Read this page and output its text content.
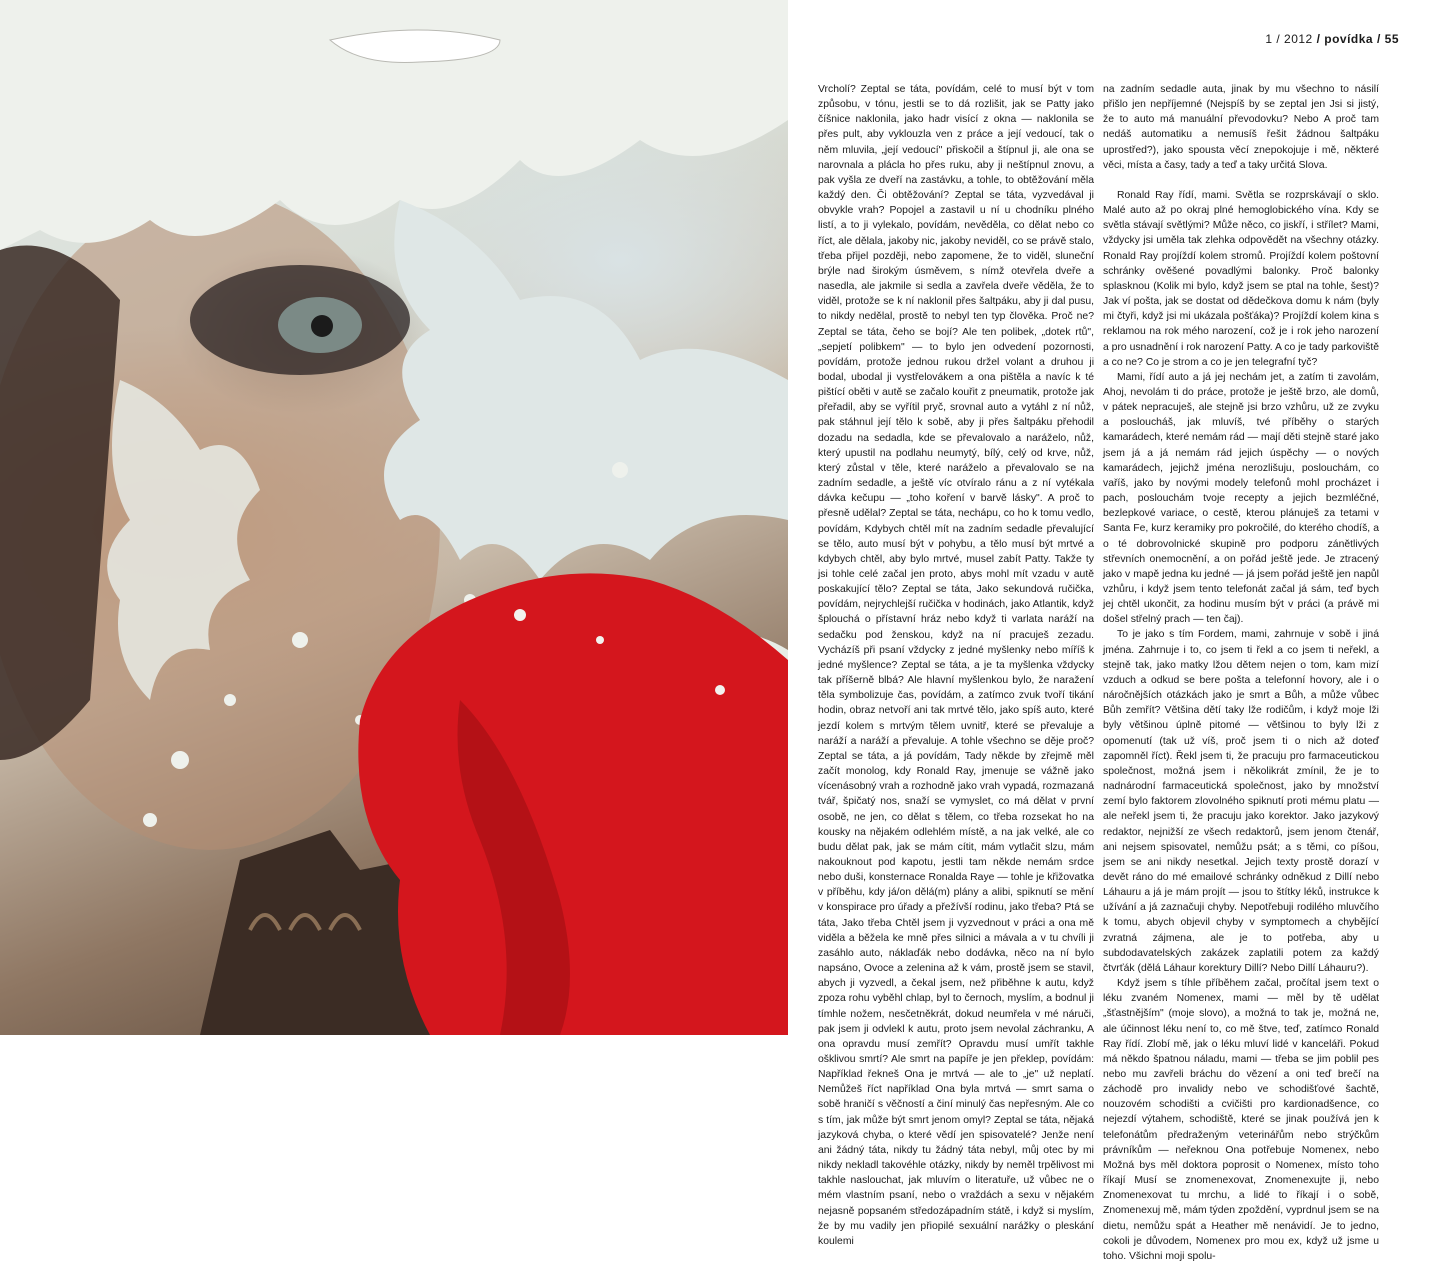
1 / 2012 / povídka / 55

Vrcholí? Zeptal se táta, povídám, celé to musí být v tom způsobu, v tónu, jestli se to dá rozlišit, jak se Patty jako číšnice naklonila, jako hadr visící z okna — naklonila se přes pult, aby vyklouzla ven z práce a její vedoucí, tak o něm mluvila, „její vedoucí" přiskočil a štípnul ji, ale ona se narovnala a plácla ho přes ruku, aby ji neštípnul znovu, a pak vyšla ze dveří na zastávku, a tohle, to obtěžování měla každý den. Či obtěžování? Zeptal se táta, vyzvedával ji obvykle vrah? Popojel a zastavil u ní u chodníku plného listí, a to ji vylekalo, povídám, nevěděla, co dělat nebo co říct, ale dělala, jakoby nic, jakoby neviděl, co se právě stalo, třeba přijel později, nebo zapomene, že to viděl, sluneční brýle nad širokým úsměvem, s nímž otevřela dveře a nasedla, ale jakmile si sedla a zavřela dveře věděla, že to viděl, protože se k ní naklonil přes šaltpáku, aby ji dal pusu, to nikdy nedělal, prostě to nebyl ten typ člověka. Proč ne? Zeptal se táta, čeho se bojí? Ale ten polibek, „dotek rtů", „sepjetí polibkem" — to bylo jen odvedení pozornosti, povídám, protože jednou rukou držel volant a druhou ji bodal, ubodal ji vystřelovákem a ona pištěla a navíc k té pištící oběti v autě se začalo kouřit z pneumatik, protože jak přeřadil, aby se vyřítil pryč, srovnal auto a vytáhl z ní nůž, pak stáhnul její tělo k sobě, aby ji přes šaltpáku přehodil dozadu na sedadla, kde se převalovalo a naráželo, nůž, který upustil na podlahu neumytý, bílý, celý od krve, nůž, který zůstal v těle, které naráželo a převalovalo se na zadním sedadle, a ještě víc otvíralo ránu a z ní vytékala dávka kečupu — „toho koření v barvě lásky". A proč to přesně udělal? Zeptal se táta, nechápu, co ho k tomu vedlo, povídám, Kdybych chtěl mít na zadním sedadle převalující se tělo, auto musí být v pohybu, a tělo musí být mrtvé a kdybych chtěl, aby bylo mrtvé, musel zabít Patty. Takže ty jsi tohle celé začal jen proto, abys mohl mít vzadu v autě poskakující tělo? Zeptal se táta, Jako sekundová ručička, povídám, nejrychlejší ručička v hodinách, jako Atlantik, když šplouchá o přístavní hráz nebo když ti varlata naráží na sedačku pod ženskou, když na ní pracuješ zezadu. Vycházíš při psaní vždycky z jedné myšlenky nebo míříš k jedné myšlence? Zeptal se táta, a je ta myšlenka vždycky tak příšerně blbá? Ale hlavní myšlenkou bylo, že naražení těla symbolizuje čas, povídám, a zatímco zvuk tvoří tikání hodin, obraz netvoří ani tak mrtvé tělo, jako spíš auto, které jezdí kolem s mrtvým tělem uvnitř, které se převaluje a naráží a naráží a převaluje. A tohle všechno se děje proč? Zeptal se táta, a já povídám, Tady někde by zřejmě měl začít monolog, kdy Ronald Ray, jmenuje se vážně jako vícenásobný vrah a rozhodně jako vrah vypadá, rozmazaná tvář, špičatý nos, snaží se vymyslet, co má dělat v první osobě, ne jen, co dělat s tělem, co třeba rozsekat ho na kousky na nějakém odlehlém místě, a na jak velké, ale co budu dělat pak, jak se mám cítit, mám vytlačit slzu, mám nakouknout pod kapotu, jestli tam někde nemám srdce nebo duši, konsternace Ronalda Raye — tohle je křižovatka v příběhu, kdy já/on dělá(m) plány a alibi, spiknutí se mění v konspirace pro úřady a přežívší rodinu, jako třeba? Ptá se táta, Jako třeba Chtěl jsem ji vyzvednout v práci a ona mě viděla a běžela ke mně přes silnici a mávala a v tu chvíli ji zasáhlo auto, náklaďák nebo dodávka, něco na ní bylo napsáno, Ovoce a zelenina až k vám, prostě jsem se stavil, abych ji vyzvedl, a čekal jsem, než přiběhne k autu, když zpoza rohu vyběhl chlap, byl to černoch, myslím, a bodnul ji tímhle nožem, nesčetněkrát, dokud neumřela v mé náruči, pak jsem ji odvlekl k autu, proto jsem nevolal záchranku, A ona opravdu musí zemřít? Opravdu musí umřít takhle ošklivou smrtí? Ale smrt na papíře je jen překlep, povídám: Například řekneš Ona je mrtvá — ale to „je" už neplatí. Nemůžeš říct například Ona byla mrtvá — smrt sama o sobě hraničí s věčností a činí minulý čas nepřesným. Ale co s tím, jak může být smrt jenom omyl? Zeptal se táta, nějaká jazyková chyba, o které vědí jen spisovatelé? Jenže není ani žádný táta, nikdy tu žádný táta nebyl, můj otec by mi nikdy nekladl takovéhle otázky, nikdy by neměl trpělivost mi takhle naslouchat, jak mluvím o literatuře, už vůbec ne o mém vlastním psaní, nebo o vraždách a sexu v nějakém nejasně popsaném středozápadním státě, i když si myslím, že by mu vadily jen přiopilé sexuální narážky o pleskání koulemi

na zadním sedadle auta, jinak by mu všechno to násilí přišlo jen nepříjemné (Nejspíš by se zeptal jen Jsi si jistý, že to auto má manuální převodovku? Nebo A proč tam nedáš automatiku a nemusíš řešit žádnou šaltpáku uprostřed?), jako spousta věcí znepokojuje i mě, některé věci, místa a časy, tady a teď a taky určitá Slova.

Ronald Ray řídí, mami. Světla se rozprskávají o sklo. Malé auto až po okraj plné hemoglobického vína. Kdy se světla stávají světlými? Může něco, co jiskří, i střílet? Mami, vždycky jsi uměla tak zlehka odpovědět na všechny otázky. Ronald Ray projíždí kolem stromů. Projíždí kolem poštovní schránky ověšené povadlými balonky. Proč balonky splasknou (Kolik mi bylo, když jsem se ptal na tohle, šest)? Jak ví pošta, jak se dostat od dědečkova domu k nám (byly mi čtyři, když jsi mi ukázala pošťáka)? Projíždí kolem kina s reklamou na rok mého narození, což je i rok jeho narození a pro usnadnění i rok narození Patty. A co je tady parkoviště a co ne? Co je strom a co je jen telegrafní tyč?

Mami, řídí auto a já jej nechám jet, a zatím ti zavolám, Ahoj, nevolám ti do práce, protože je ještě brzo, ale domů, v pátek nepracuješ, ale stejně jsi brzo vzhůru, už ze zvyku a posloucháš, jak mluvíš, tvé příběhy o starých kamarádech, které nemám rád — mají děti stejně staré jako jsem já a já nemám rád jejich úspěchy — o nových kamarádech, jejichž jména nerozlišuju, poslouchám, co vaříš, jako by novými modely telefonů mohl procházet i pach, poslouchám tvoje recepty a jejich bezmléčné, bezlepkové variace, o cestě, kterou plánuješ za tetami v Santa Fe, kurz keramiky pro pokročilé, do kterého chodíš, a o té dobrovolnické skupině pro podporu zánětlivých střevních onemocnění, a on pořád ještě jede. Je ztracený jako v mapě jedna ku jedné — já jsem pořád ještě jen napůl vzhůru, i když jsem tento telefonát začal já sám, teď bych jej chtěl ukončit, za hodinu musím být v práci (a právě mi došel střelný prach — ten čaj).

To je jako s tím Fordem, mami, zahrnuje v sobě i jiná jména. Zahrnuje i to, co jsem ti řekl a co jsem ti neřekl, a stejně tak, jako matky lžou dětem nejen o tom, kam mizí vzduch a odkud se bere pošta a telefonní hovory, ale i o náročnějších otázkách jako je smrt a Bůh, a může vůbec Bůh zemřít? Většina dětí taky lže rodičům, i když moje lži byly většinou úplně pitomé — většinou to byly lži z opomenutí (tak už víš, proč jsem ti o nich až doteď zapomněl říct). Řekl jsem ti, že pracuju pro farmaceutickou společnost, možná jsem i několikrát zmínil, že je to nadnárodní farmaceutická společnost, jako by množství zemí bylo faktorem zlovolného spiknutí proti mému platu — ale neřekl jsem ti, že pracuju jako korektor. Jako jazykový redaktor, nejnižší ze všech redaktorů, jsem jenom čtenář, ani nejsem spisovatel, nemůžu psát; a s těmi, co píšou, jsem se ani nikdy nesetkal. Jejich texty prostě dorazí v devět ráno do mé emailové schránky odněkud z Dillí nebo Láhauru a já je mám projít — jsou to štítky léků, instrukce k užívání a já zaznačuji chyby. Nepotřebuji rodilého mluvčího k tomu, abych objevil chyby v symptomech a chybějící zvratná zájmena, ale je to potřeba, aby u subdodavatelských zakázek zaplatili potem za každý čtvrťák (dělá Láhaur korektury Dillí? Nebo Dillí Láhauru?).

Když jsem s tíhle příběhem začal, pročítal jsem text o léku zvaném Nomenex, mami — měl by tě udělat „šťastnějším" (moje slovo), a možná to tak je, možná ne, ale účinnost léku není to, co mě štve, teď, zatímco Ronald Ray řídí. Zlobí mě, jak o léku mluví lidé v kanceláři. Pokud má někdo špatnou náladu, mami — třeba se jim poblil pes nebo mu zavřeli bráchu do vězení a oni teď brečí na záchodě pro invalidy nebo ve schodišťové šachtě, nouzovém schodišti a cvičišti pro kardionadšence, co nejezdí výtahem, schodiště, které se jinak používá jen k telefonátům předraženým veterinářům nebo strýčkům právníkům — neřeknou Ona potřebuje Nomenex, nebo Možná bys měl doktora poprosit o Nomenex, místo toho říkají Musí se znomenexovat, Znomenexujte ji, nebo Znomenexovat tu mrchu, a lidé to říkají i o sobě, Znomenexuj mě, mám týden zpoždění, vyprdnul jsem se na dietu, nemůžu spát a Heather mě nenávidí. Je to jedno, cokoli je důvodem, Nomenex pro mou ex, když už jsme u toho. Všichni moji spolu-
